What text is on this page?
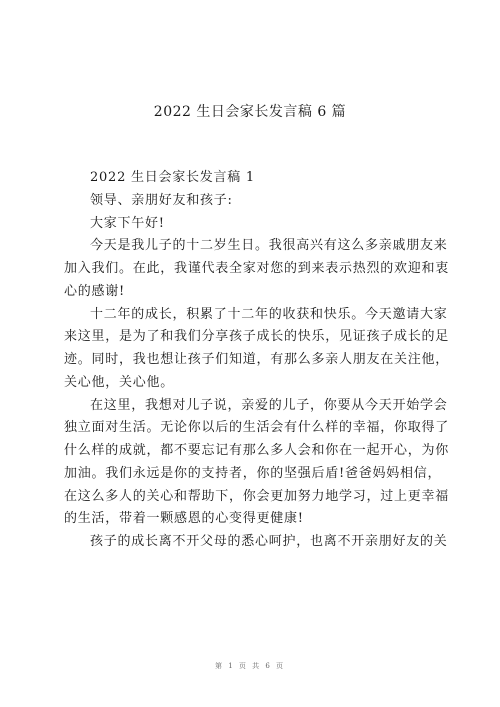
2022 生日会家长发言稿 6 篇
2022 生日会家长发言稿 1
领导、亲朋好友和孩子:
大家下午好!
今天是我儿子的十二岁生日。我很高兴有这么多亲戚朋友来
加入我们。在此，我谨代表全家对您的到来表示热烈的欢迎和衷
心的感谢!
十二年的成长，积累了十二年的收获和快乐。今天邀请大家
来这里，是为了和我们分享孩子成长的快乐，见证孩子成长的足
迹。同时，我也想让孩子们知道，有那么多亲人朋友在关注他，
关心他，关心他。
在这里，我想对儿子说，亲爱的儿子，你要从今天开始学会
独立面对生活。无论你以后的生活会有什么样的幸福，你取得了
什么样的成就，都不要忘记有那么多人会和你在一起开心，为你
加油。我们永远是你的支持者，你的坚强后盾!爸爸妈妈相信，
在这么多人的关心和帮助下，你会更加努力地学习，过上更幸福
的生活，带着一颗感恩的心变得更健康!
孩子的成长离不开父母的悉心呵护，也离不开亲朋好友的关
第 1 页 共 6 页
